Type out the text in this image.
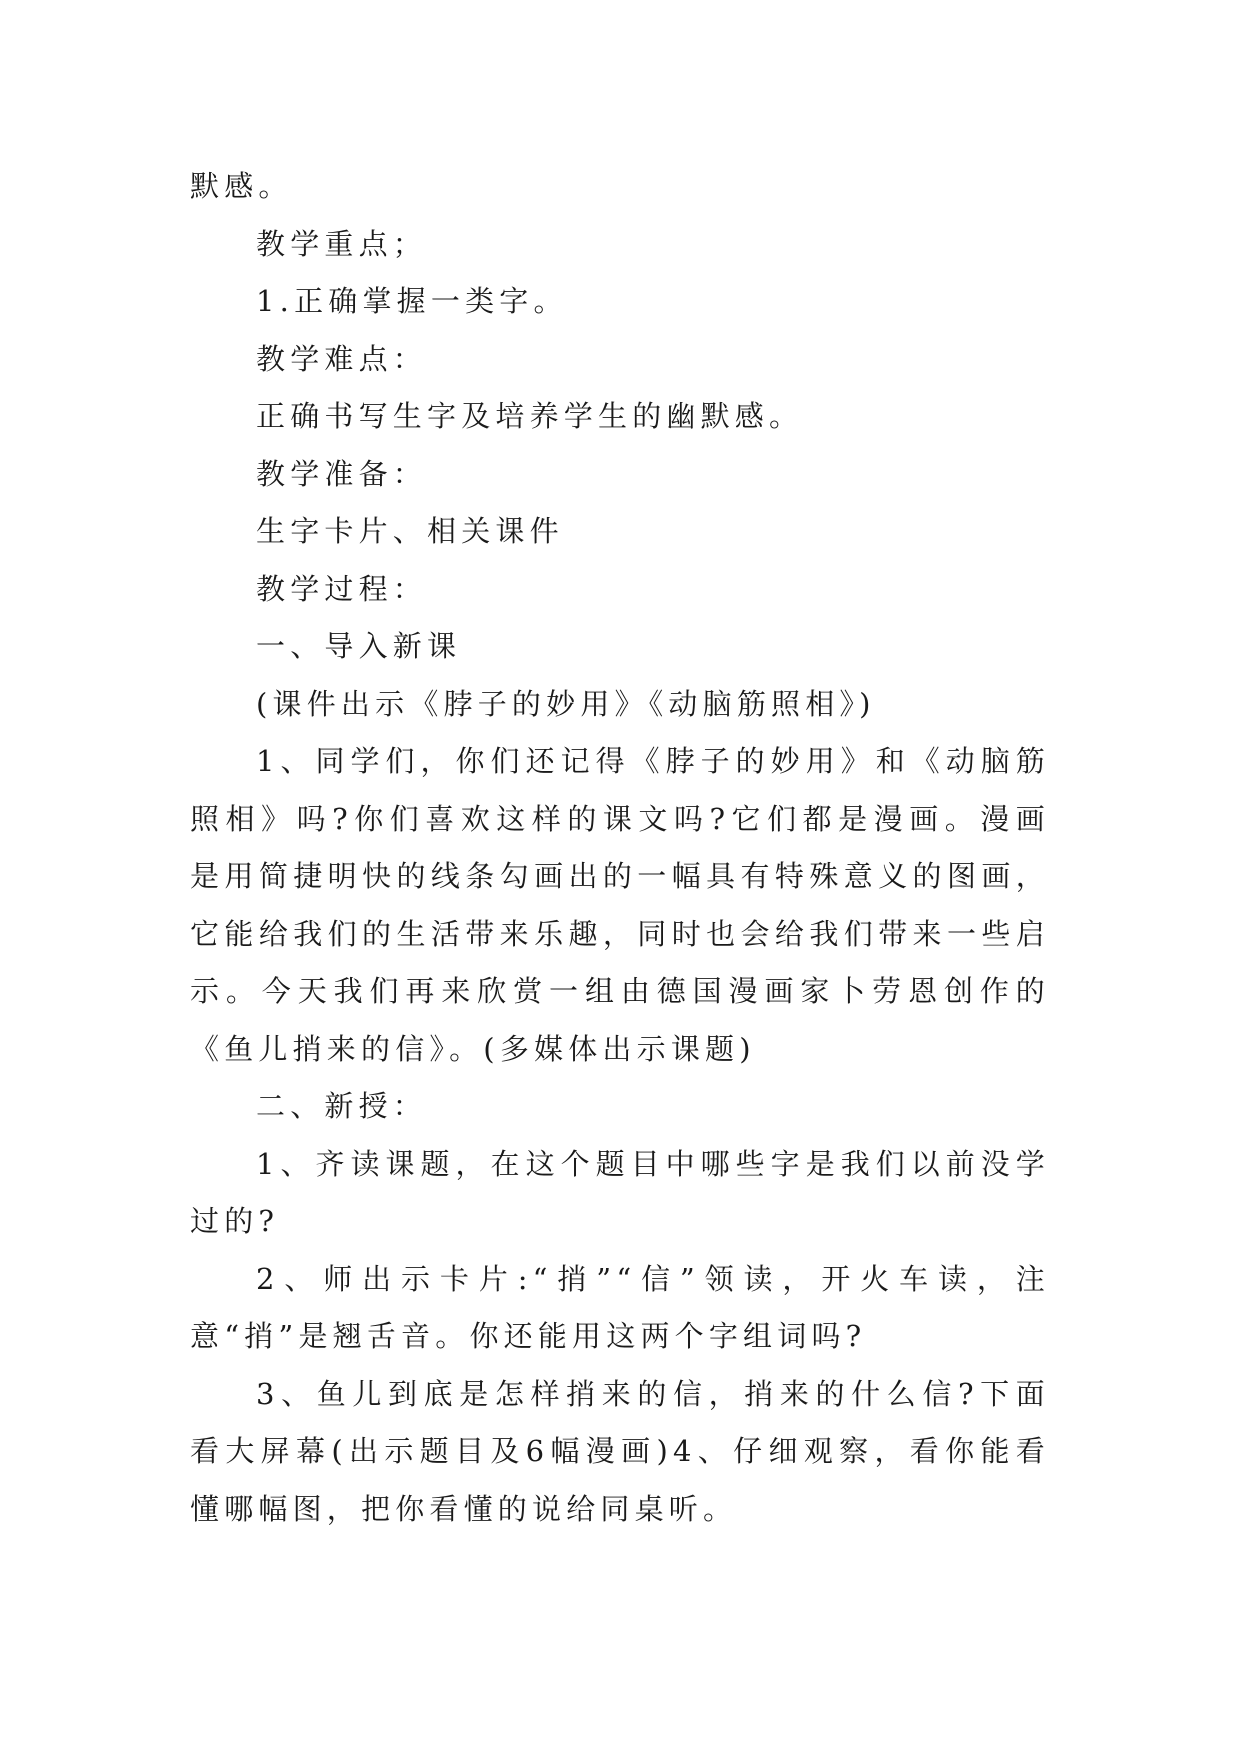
默感。

教学重点；

1.正确掌握一类字。

教学难点：

正确书写生字及培养学生的幽默感。

教学准备：

生字卡片、相关课件

教学过程：

一、导入新课

(课件出示《脖子的妙用》《动脑筋照相》)

1、同学们，你们还记得《脖子的妙用》和《动脑筋照相》吗?你们喜欢这样的课文吗?它们都是漫画。漫画是用简捷明快的线条勾画出的一幅具有特殊意义的图画，它能给我们的生活带来乐趣，同时也会给我们带来一些启示。今天我们再来欣赏一组由德国漫画家卜劳恩创作的《鱼儿捎来的信》。(多媒体出示课题)

二、新授：

1、齐读课题，在这个题目中哪些字是我们以前没学过的?

2、师出示卡片:“捎”“信”领读，开火车读，注意“捎”是翘舌音。你还能用这两个字组词吗?

3、鱼儿到底是怎样捎来的信，捎来的什么信?下面看大屏幕(出示题目及6幅漫画)4、仔细观察，看你能看懂哪幅图，把你看懂的说给同桌听。
